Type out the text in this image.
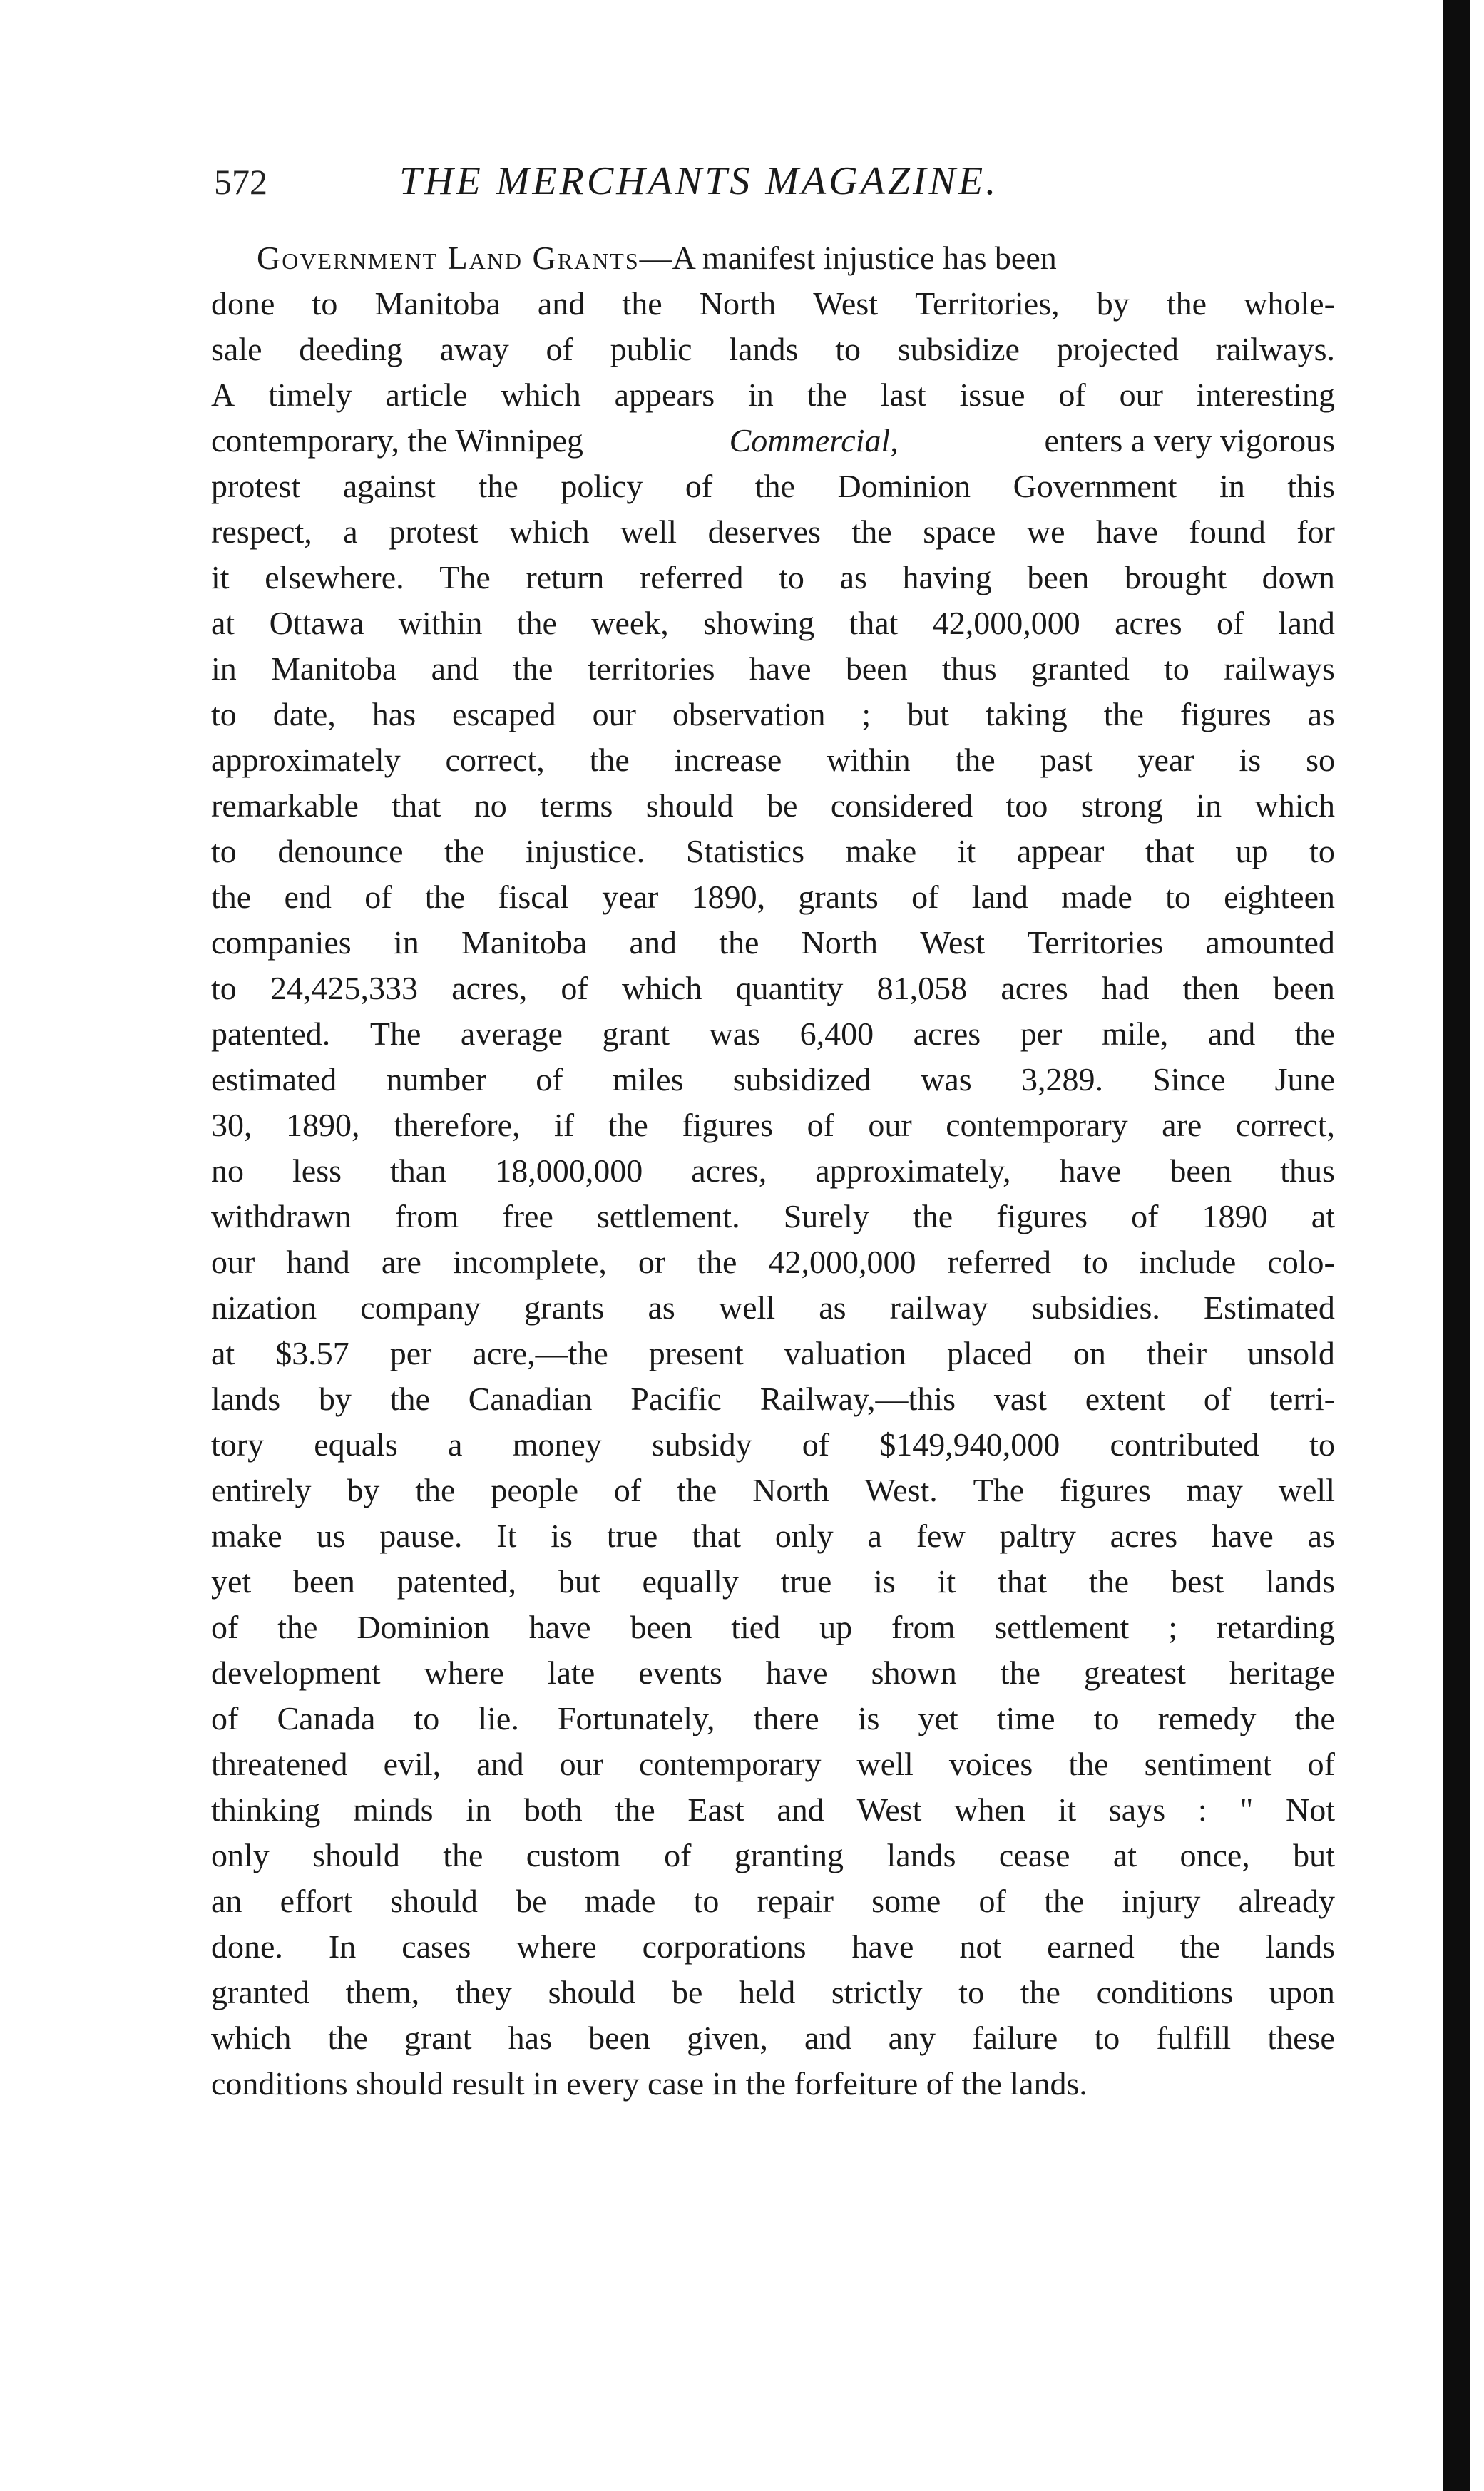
572	THE MERCHANTS MAGAZINE.
Government Land Grants—A manifest injustice has been
done to Manitoba and the North West Territories, by the whole-
sale deeding away of public lands to subsidize projected railways.
A timely article which appears in the last issue of our interesting
contemporary, the Winnipeg	Commercial,	enters a very vigorous
protest against the policy of the Dominion Government in this
respect, a protest which well deserves the space we have found for
it elsewhere. The return referred to as having been brought down
at Ottawa within the week, showing that 42,000,000 acres of land
in Manitoba and the territories have been thus granted to railways
to date, has escaped our observation ; but taking the figures as
approximately correct, the increase within the past year is so
remarkable that no terms should be considered too strong in which
to denounce the injustice. Statistics make it appear that up to
the end of the fiscal year 1890, grants of land made to eighteen
companies in Manitoba and the North West Territories amounted
to 24,425,333 acres, of which quantity 81,058 acres had then been
patented. The average grant was 6,400 acres per mile, and the
estimated number of miles subsidized was 3,289. Since June
30, 1890, therefore, if the figures of our contemporary are correct,
no less than 18,000,000 acres, approximately, have been thus
withdrawn from free settlement. Surely the figures of 1890 at
our hand are incomplete, or the 42,000,000 referred to include colo-
nization company grants as well as railway subsidies. Estimated
at $3.57 per acre,—the present valuation placed on their unsold
lands by the Canadian Pacific Railway,—this vast extent of terri-
tory equals a money subsidy of $149,940,000 contributed to
entirely by the people of the North West. The figures may well
make us pause. It is true that only a few paltry acres have as
yet been patented, but equally true is it that the best lands
of the Dominion have been tied up from settlement ; retarding
development where late events have shown the greatest heritage
of Canada to lie. Fortunately, there is yet time to remedy the
threatened evil, and our contemporary well voices the sentiment of
thinking minds in both the East and West when it says : " Not
only should the custom of granting lands cease at once, but
an effort should be made to repair some of the injury already
done. In cases where corporations have not earned the lands
granted them, they should be held strictly to the conditions upon
which the grant has been given, and any failure to fulfill these
conditions should result in every case in the forfeiture of the lands.
